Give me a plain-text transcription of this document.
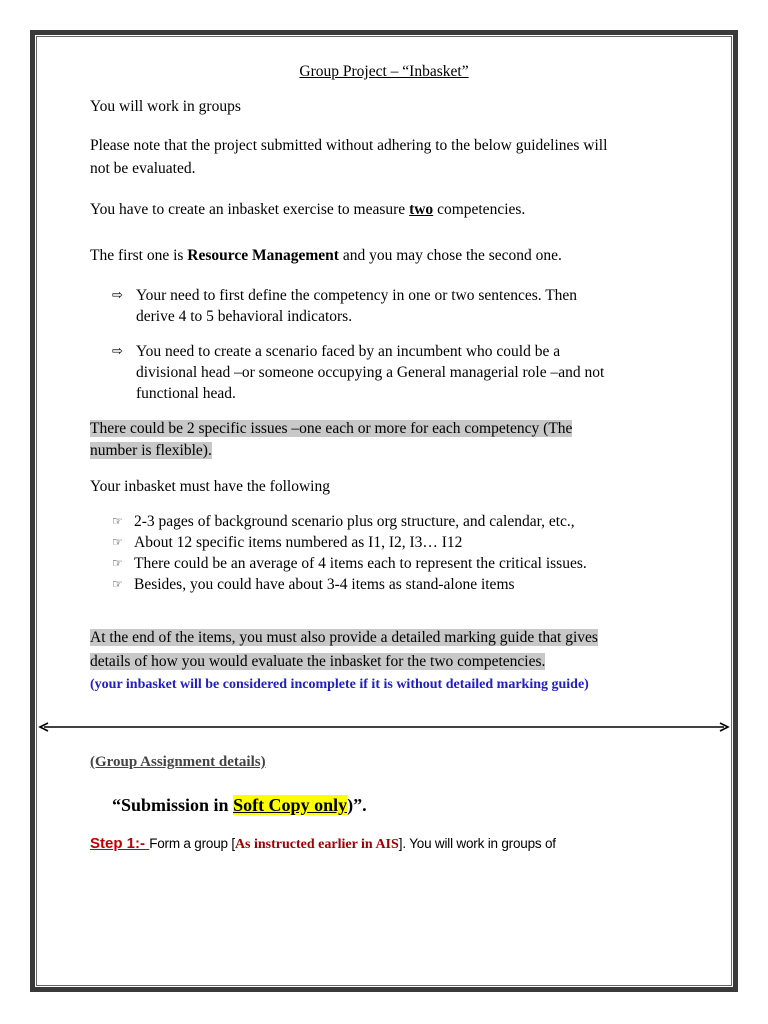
Group Project – “Inbasket”
You will work in groups
Please note that the project submitted without adhering to the below guidelines will
not be evaluated.
You have to create an inbasket exercise to measure two competencies.
The first one is Resource Management and you may chose the second one.
⇨ Your need to first define the competency in one or two sentences. Then
derive 4 to 5 behavioral indicators.
⇨ You need to create a scenario faced by an incumbent who could be a
divisional head –or someone occupying a General managerial role –and not
functional head.
There could be 2 specific issues –one each or more for each competency (The
number is flexible).
Your inbasket must have the following
☞ 2-3 pages of background scenario plus org structure, and calendar, etc.,
☞ About 12 specific items numbered as I1, I2, I3… I12
☞ There could be an average of 4 items each to represent the critical issues.
☞ Besides, you could have about 3-4 items as stand-alone items
At the end of the items, you must also provide a detailed marking guide that gives
details of how you would evaluate the inbasket for the two competencies.
(your inbasket will be considered incomplete if it is without detailed marking guide)
(Group Assignment details)
“Submission in Soft Copy only)”.
Step 1:- Form a group [As instructed earlier in AIS]. You will work in groups of
